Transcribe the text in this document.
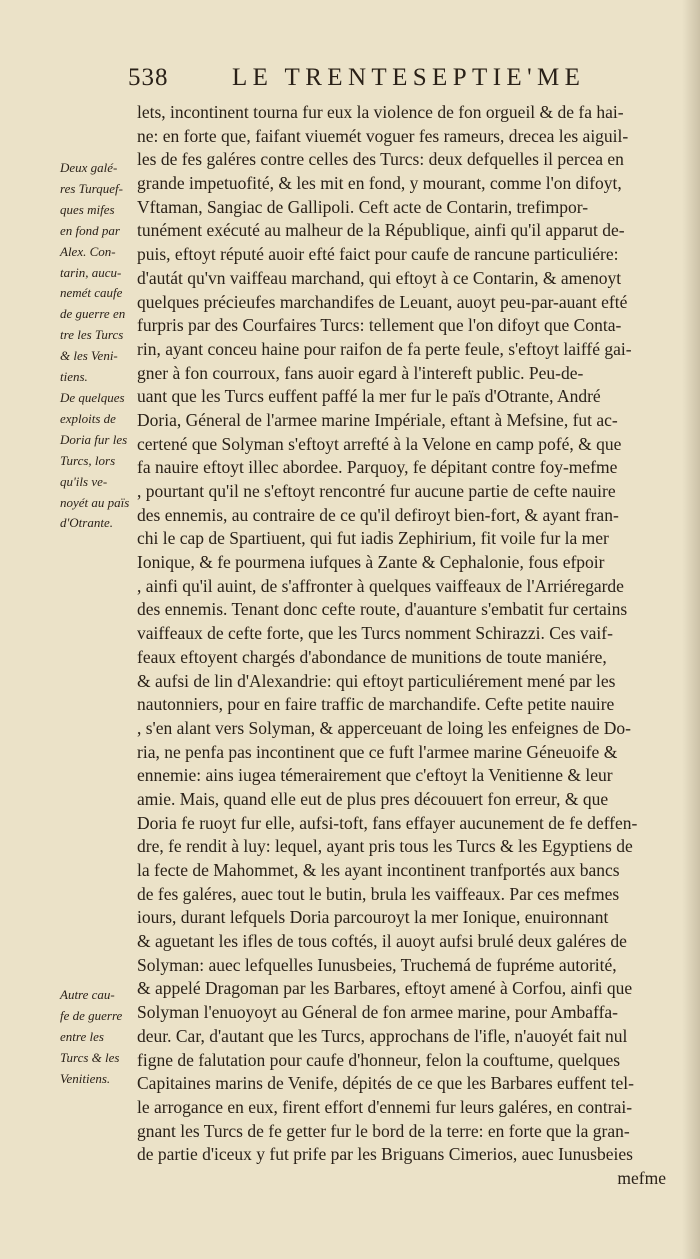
538	LE TRENTESEPTIE'ME
Deux galé-
res Turquef-
ques mifes
en fond par
Alex. Con-
tarin, aucu-
nemét caufe
de guerre en
tre les Turcs
& les Veni-
tiens.
De quelques
exploits de
Doria fur les
Turcs, lors
qu'ils ve-
noyét au païs
d'Otrante.
Autre cau-
fe de guerre
entre les
Turcs & les
Venitiens.
lets, incontinent tourna fur eux la violence de fon orgueil & de fa hai-
ne: en forte que, faifant viuemét voguer fes rameurs, drecea les aiguil-
les de fes galéres contre celles des Turcs: deux defquelles il percea en
grande impetuofité, & les mit en fond, y mourant, comme l'on difoyt,
Vftaman, Sangiac de Gallipoli. Ceft acte de Contarin, trefimpor-
tunément exécuté au malheur de la République, ainfi qu'il apparut de-
puis, eftoyt réputé auoir efté faict pour caufe de rancune particuliére:
d'autát qu'vn vaiffeau marchand, qui eftoyt à ce Contarin, & amenoyt
quelques précieufes marchandifes de Leuant, auoyt peu-par-auant efté
furpris par des Courfaires Turcs: tellement que l'on difoyt que Conta-
rin, ayant conceu haine pour raifon de fa perte feule, s'eftoyt laiffé gai-
gner à fon courroux, fans auoir egard à l'intereft public. Peu-de-
uant que les Turcs euffent paffé la mer fur le païs d'Otrante, André
Doria, Géneral de l'armee marine Impériale, eftant à Mefsine, fut ac-
certené que Solyman s'eftoyt arrefté à la Velone en camp pofé, & que
fa nauire eftoyt illec abordee. Parquoy, fe dépitant contre foy-mefme
, pourtant qu'il ne s'eftoyt rencontré fur aucune partie de cefte nauire
des ennemis, au contraire de ce qu'il defiroyt bien-fort, & ayant fran-
chi le cap de Spartiuent, qui fut iadis Zephirium, fit voile fur la mer
Ionique, & fe pourmena iufques à Zante & Cephalonie, fous efpoir
, ainfi qu'il auint, de s'affronter à quelques vaiffeaux de l'Arriéregarde
des ennemis. Tenant donc cefte route, d'auanture s'embatit fur certains
vaiffeaux de cefte forte, que les Turcs nomment Schirazzi. Ces vaif-
feaux eftoyent chargés d'abondance de munitions de toute maniére,
& aufsi de lin d'Alexandrie: qui eftoyt particuliérement mené par les
nautonniers, pour en faire traffic de marchandife. Cefte petite nauire
, s'en alant vers Solyman, & apperceuant de loing les enfeignes de Do-
ria, ne penfa pas incontinent que ce fuft l'armee marine Géneuoife &
ennemie: ains iugea témerairement que c'eftoyt la Venitienne & leur
amie. Mais, quand elle eut de plus pres découuert fon erreur, & que
Doria fe ruoyt fur elle, aufsi-toft, fans effayer aucunement de fe deffen-
dre, fe rendit à luy: lequel, ayant pris tous les Turcs & les Egyptiens de
la fecte de Mahommet, & les ayant incontinent tranfportés aux bancs
de fes galéres, auec tout le butin, brula les vaiffeaux. Par ces mefmes
iours, durant lefquels Doria parcouroyt la mer Ionique, enuironnant
& aguetant les ifles de tous coftés, il auoyt aufsi brulé deux galéres de
Solyman: auec lefquelles Iunusbeies, Truchemá de fupréme autorité,
& appelé Dragoman par les Barbares, eftoyt amené à Corfou, ainfi que
Solyman l'enuoyoyt au Géneral de fon armee marine, pour Ambaffa-
deur. Car, d'autant que les Turcs, approchans de l'ifle, n'auoyét fait nul
figne de falutation pour caufe d'honneur, felon la couftume, quelques
Capitaines marins de Venife, dépités de ce que les Barbares euffent tel-
le arrogance en eux, firent effort d'ennemi fur leurs galéres, en contrai-
gnant les Turcs de fe getter fur le bord de la terre: en forte que la gran-
de partie d'iceux y fut prife par les Briguans Cimerios, auec Iunusbeies
mefme
